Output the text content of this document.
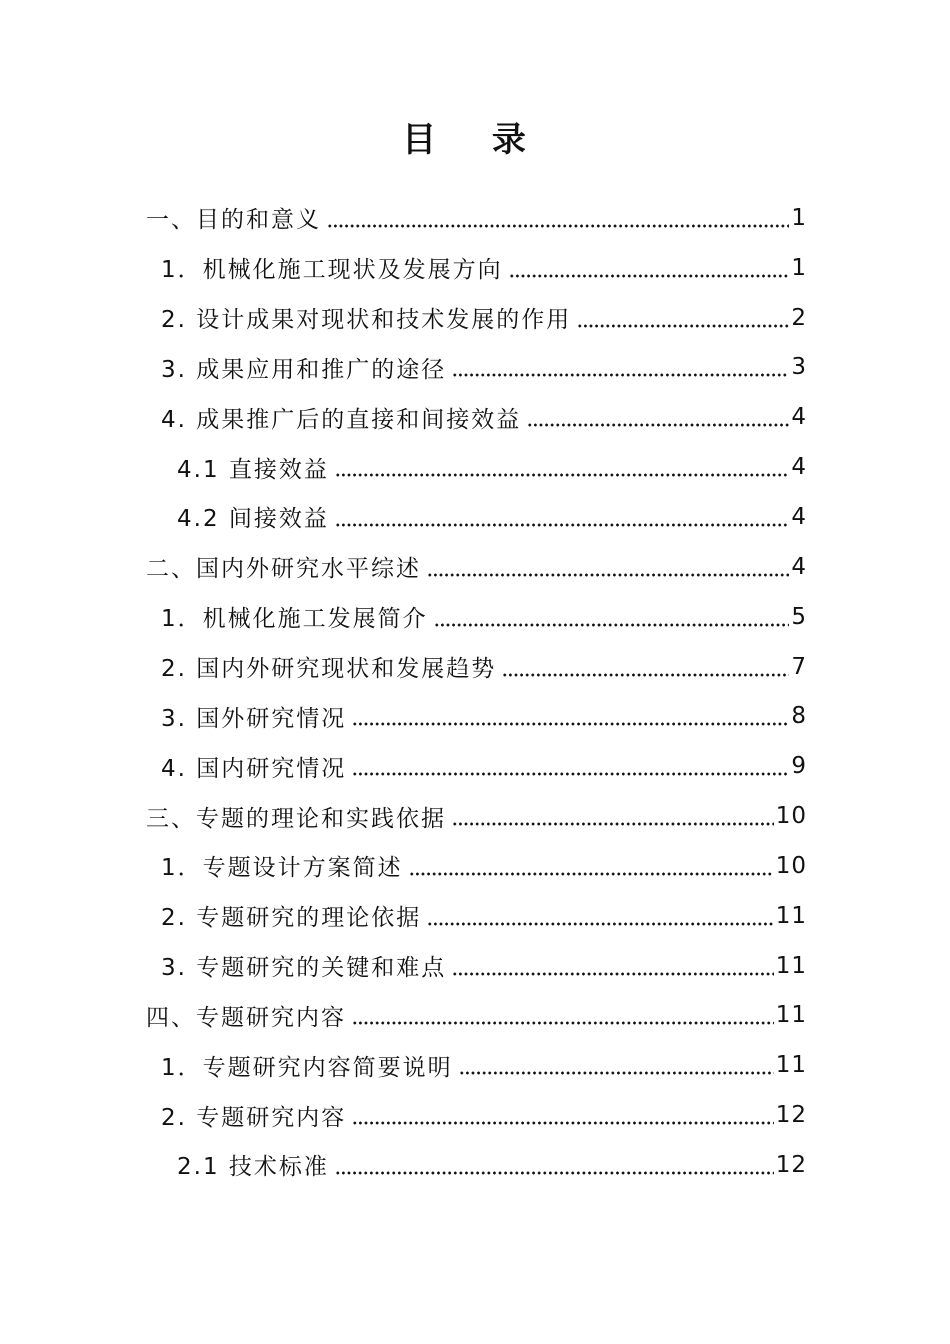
目 录
一、目的和意义	1
1．机械化施工现状及发展方向	1
2. 设计成果对现状和技术发展的作用	2
3. 成果应用和推广的途径	3
4. 成果推广后的直接和间接效益	4
4.1 直接效益	4
4.2 间接效益	4
二、国内外研究水平综述	4
1．机械化施工发展简介	5
2. 国内外研究现状和发展趋势	7
3. 国外研究情况	8
4. 国内研究情况	9
三、专题的理论和实践依据	10
1．专题设计方案简述	10
2. 专题研究的理论依据	11
3. 专题研究的关键和难点	11
四、专题研究内容	11
1．专题研究内容简要说明	11
2. 专题研究内容	12
2.1 技术标准	12
